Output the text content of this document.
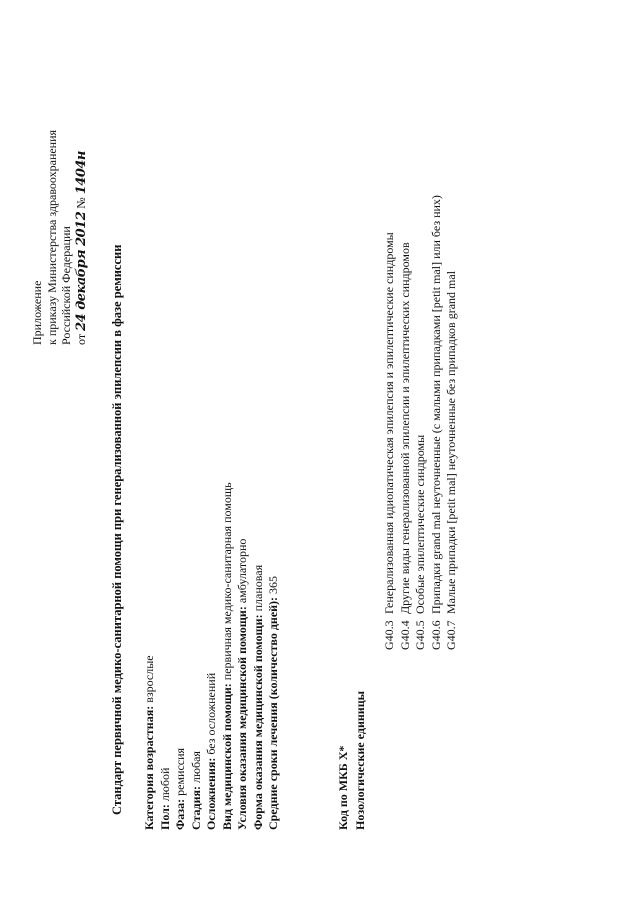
Приложение к приказу Министерства здравоохранения Российской Федерации от 24 декабря 2012 № 1404н
Стандарт первичной медико-санитарной помощи при генерализованной эпилепсии в фазе ремиссии Категория возрастная: взрослые
Пол: любой
Фаза: ремиссия
Стадия: любая Осложнения: без осложнений Вид медицинской помощи: первичная медико-санитарная помощь
Условия оказания медицинской помощи: амбулаторно
Форма оказания медицинской помощи: плановая
Средние сроки лечения (количество дней): 365
Код по МКБ X* Нозологические единицы
G40.3
Генерализованная идиопатическая эпилепсия и эпилептические синдромы
G40.4
Другие виды генерализованной эпилепсии и эпилептических синдромов
G40.5
Особые эпилептические синдромы
G40.6
Припадки grand mal неуточненные (с малыми припадками [petit mal] или без них)
G40.7
Малые припадки [petit mal] неуточненные без припадков grand mal
